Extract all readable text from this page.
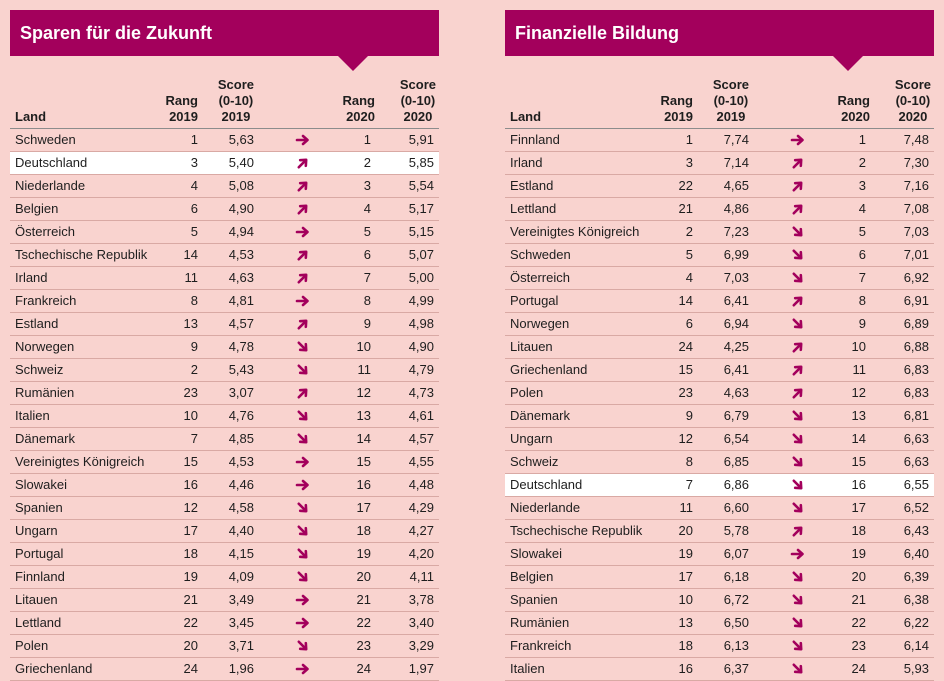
Sparen für die Zukunft
Land
Rang
2019
Score
(0-10)
2019
Rang
2020
Score
(0-10)
2020
Schweden	1 5,63	1	5,91
Deutschland	3 5,40	2	5,85
Niederlande	4 5,08	3	5,54
Belgien	6 4,90	4	5,17
Österreich	5 4,94	5	5,15
Tschechische Republik	14 4,53	6	5,07
Irland	11 4,63	7	5,00
Frankreich	8 4,81	8	4,99
Estland	13 4,57	9	4,98
Norwegen	9 4,78	10	4,90
Schweiz	2 5,43	11	4,79
Rumänien	23 3,07	12	4,73
Italien	10 4,76	13	4,61
Dänemark	7 4,85	14	4,57
Vereinigtes Königreich	15 4,53	15	4,55
Slowakei	16 4,46	16	4,48
Spanien	12 4,58	17	4,29
Ungarn	17 4,40	18	4,27
Portugal	18 4,15	19	4,20
Finnland	19 4,09	20	4,11
Litauen	21 3,49	21	3,78
Lettland	22 3,45	22	3,40
Polen	20 3,71	23	3,29
Griechenland	24 1,96	24	1,97
Finanzielle Bildung
Land
Rang
2019
Score
(0-10)
2019
Rang
2020
Score
(0-10)
2020
Finnland	1 7,74	1	7,48
Irland	3 7,14	2	7,30
Estland	22 4,65	3	7,16
Lettland	21 4,86	4	7,08
Vereinigtes Königreich	2 7,23	5	7,03
Schweden	5 6,99	6	7,01
Österreich	4 7,03	7	6,92
Portugal	14 6,41	8	6,91
Norwegen	6 6,94	9	6,89
Litauen	24 4,25	10	6,88
Griechenland	15 6,41	11	6,83
Polen	23 4,63	12	6,83
Dänemark	9 6,79	13	6,81
Ungarn	12 6,54	14	6,63
Schweiz	8 6,85	15	6,63
Deutschland	7 6,86	16	6,55
Niederlande	11 6,60	17	6,52
Tschechische Republik	20 5,78	18	6,43
Slowakei	19 6,07	19	6,40
Belgien	17 6,18	20	6,39
Spanien	10 6,72	21	6,38
Rumänien	13 6,50	22	6,22
Frankreich	18 6,13	23	6,14
Italien	16 6,37	24	5,93
